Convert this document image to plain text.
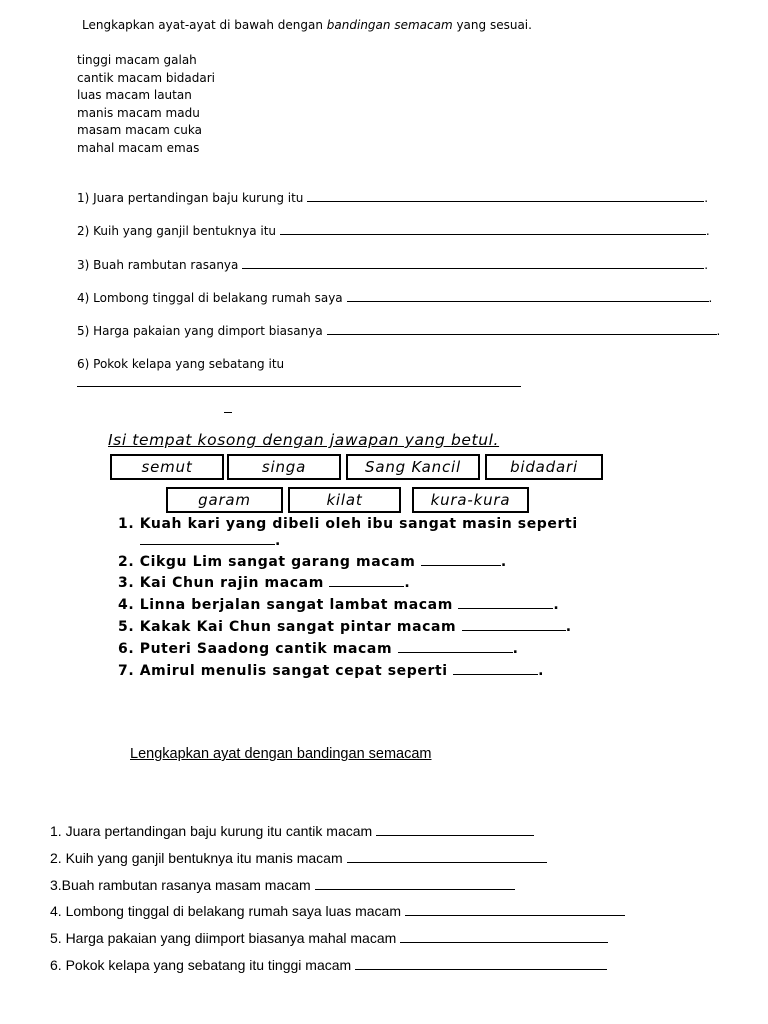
Lengkapkan ayat-ayat di bawah dengan bandingan semacam yang sesuai.
tinggi macam galah
cantik macam bidadari
luas macam lautan
manis macam madu
masam macam cuka
mahal macam emas
1) Juara pertandingan baju kurung itu	.
2) Kuih yang ganjil bentuknya itu	.
3) Buah rambutan rasanya	.
4) Lombong tinggal di belakang rumah saya	.
5) Harga pakaian yang dimport biasanya	.
6) Pokok kelapa yang sebatang itu
Isi tempat kosong dengan jawapan yang betul.
semut	singa	Sang Kancil	bidadari
garam	kilat	kura-kura
1. Kuah kari yang dibeli oleh ibu sangat masin seperti
.
2. Cikgu Lim sangat garang macam	.
3. Kai Chun rajin macam	.
4. Linna berjalan sangat lambat macam	.
5. Kakak Kai Chun sangat pintar macam	.
6. Puteri Saadong cantik macam	.
7. Amirul menulis sangat cepat seperti	.
Lengkapkan ayat dengan bandingan semacam
1. Juara pertandingan baju kurung itu cantik macam
2. Kuih yang ganjil bentuknya itu manis macam
3.Buah rambutan rasanya masam macam
4. Lombong tinggal di belakang rumah saya luas macam
5. Harga pakaian yang diimport biasanya mahal macam
6. Pokok kelapa yang sebatang itu tinggi macam
